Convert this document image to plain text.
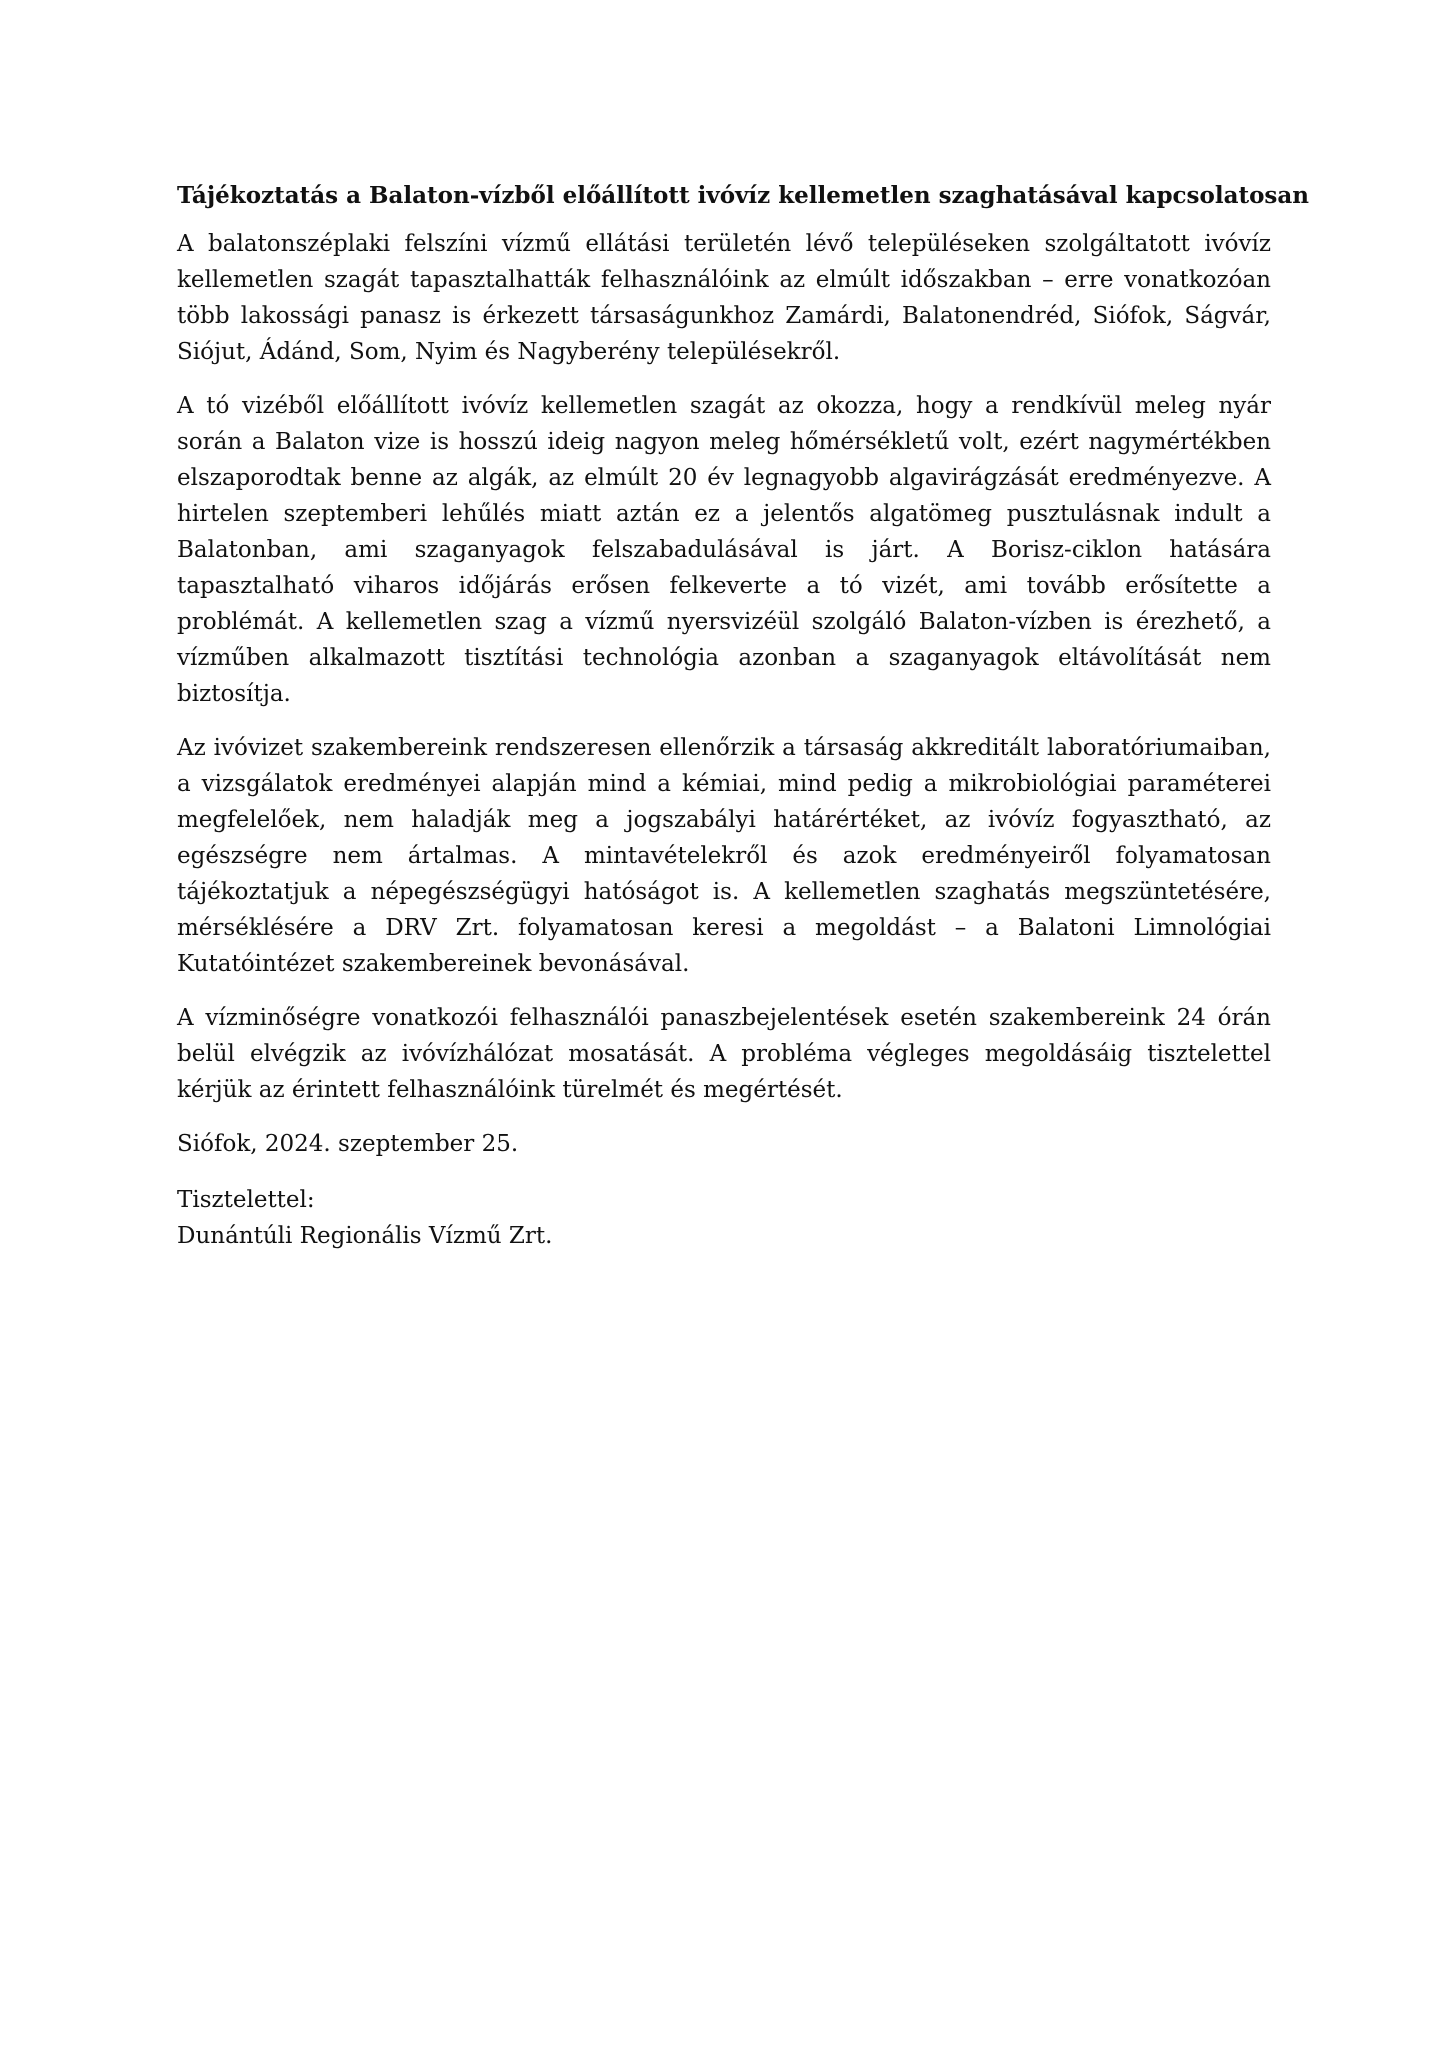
Tájékoztatás a Balaton-vízből előállított ivóvíz kellemetlen szaghatásával kapcsolatosan

A balatonszéplaki felszíni vízmű ellátási területén lévő településeken szolgáltatott ivóvíz kellemetlen szagát tapasztalhatták felhasználóink az elmúlt időszakban – erre vonatkozóan több lakossági panasz is érkezett társaságunkhoz Zamárdi, Balatonendréd, Siófok, Ságvár, Siójut, Ádánd, Som, Nyim és Nagyberény településekről.

A tó vizéből előállított ivóvíz kellemetlen szagát az okozza, hogy a rendkívül meleg nyár során a Balaton vize is hosszú ideig nagyon meleg hőmérsékletű volt, ezért nagymértékben elszaporodtak benne az algák, az elmúlt 20 év legnagyobb algavirágzását eredményezve. A hirtelen szeptemberi lehűlés miatt aztán ez a jelentős algatömeg pusztulásnak indult a Balatonban, ami szaganyagok felszabadulásával is járt. A Borisz-ciklon hatására tapasztalható viharos időjárás erősen felkeverte a tó vizét, ami tovább erősítette a problémát. A kellemetlen szag a vízmű nyersvizéül szolgáló Balaton-vízben is érezhető, a vízműben alkalmazott tisztítási technológia azonban a szaganyagok eltávolítását nem biztosítja.

Az ivóvizet szakembereink rendszeresen ellenőrzik a társaság akkreditált laboratóriumaiban, a vizsgálatok eredményei alapján mind a kémiai, mind pedig a mikrobiológiai paraméterei megfelelőek, nem haladják meg a jogszabályi határértéket, az ivóvíz fogyasztható, az egészségre nem ártalmas. A mintavételekről és azok eredményeiről folyamatosan tájékoztatjuk a népegészségügyi hatóságot is. A kellemetlen szaghatás megszüntetésére, mérséklésére a DRV Zrt. folyamatosan keresi a megoldást – a Balatoni Limnológiai Kutatóintézet szakembereinek bevonásával.

A vízminőségre vonatkozói felhasználói panaszbejelentések esetén szakembereink 24 órán belül elvégzik az ivóvízhálózat mosatását. A probléma végleges megoldásáig tisztelettel kérjük az érintett felhasználóink türelmét és megértését.

Siófok, 2024. szeptember 25.

Tisztelettel:
Dunántúli Regionális Vízmű Zrt.
